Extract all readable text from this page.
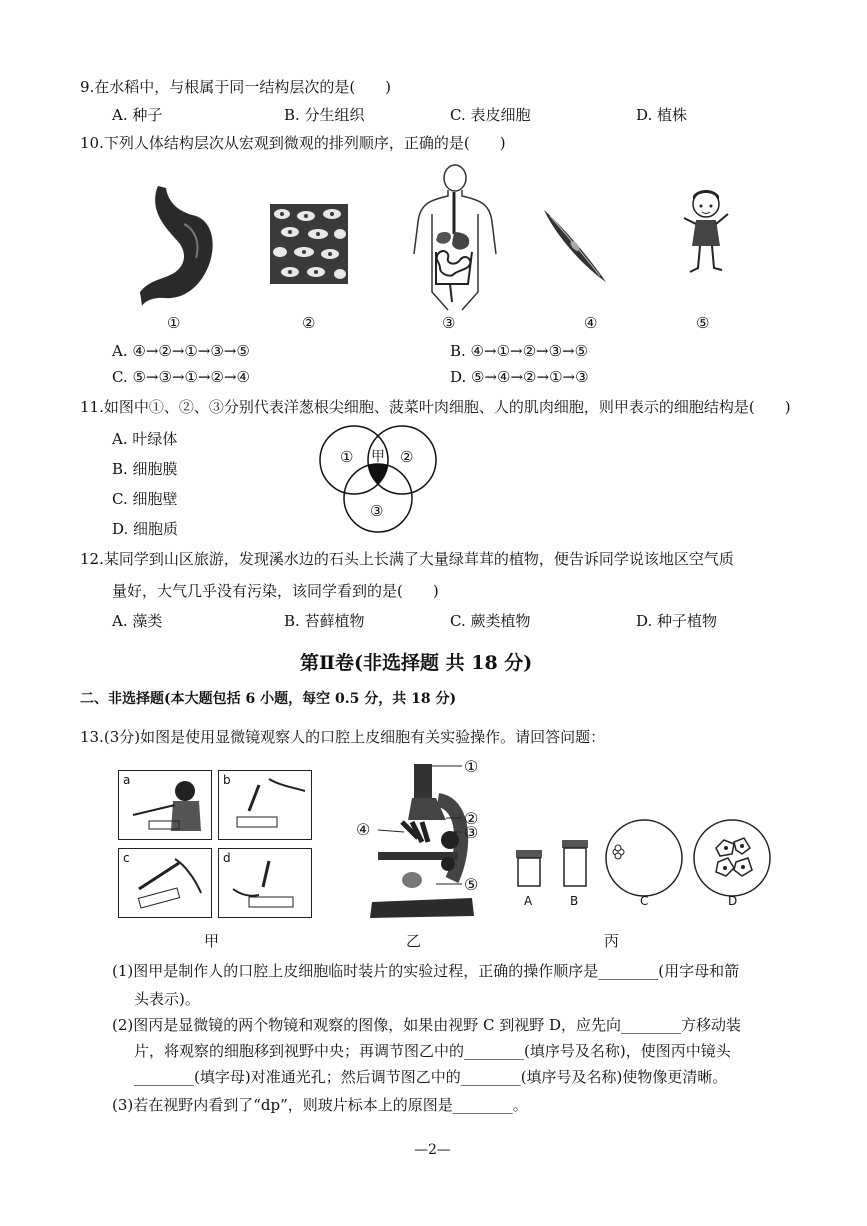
9.在水稻中，与根属于同一结构层次的是(　　)
A. 种子	B. 分生组织	C. 表皮细胞	D. 植株
10.下列人体结构层次从宏观到微观的排列顺序，正确的是(　　)
①	②	③	④	⑤
A. ④→②→①→③→⑤	B. ④→①→②→③→⑤
C. ⑤→③→①→②→④	D. ⑤→④→②→①→③
11.如图中①、②、③分别代表洋葱根尖细胞、菠菜叶肉细胞、人的肌肉细胞，则甲表示的细胞结构是(　　)
A. 叶绿体
B. 细胞膜
C. 细胞壁
D. 细胞质
①	②
③
甲
12.某同学到山区旅游，发现溪水边的石头上长满了大量绿茸茸的植物，便告诉同学说该地区空气质
量好，大气几乎没有污染，该同学看到的是(　　)
A. 藻类	B. 苔藓植物	C. 蕨类植物	D. 种子植物
第Ⅱ卷(非选择题 共 18 分)
二、非选择题(本大题包括 6 小题，每空 0.5 分，共 18 分)
13.(3分)如图是使用显微镜观察人的口腔上皮细胞有关实验操作。请回答问题：
a	b
c	d
甲
①
②
③
④
⑤
乙
A	B	C	D
丙
(1)图甲是制作人的口腔上皮细胞临时装片的实验过程，正确的操作顺序是________(用字母和箭
头表示)。
(2)图丙是显微镜的两个物镜和观察的图像，如果由视野 C 到视野 D，应先向________方移动装
片，将观察的细胞移到视野中央；再调节图乙中的________(填序号及名称)，使图丙中镜头
________(填字母)对准通光孔；然后调节图乙中的________(填序号及名称)使物像更清晰。
(3)若在视野内看到了“dp”，则玻片标本上的原图是________。
—2—
